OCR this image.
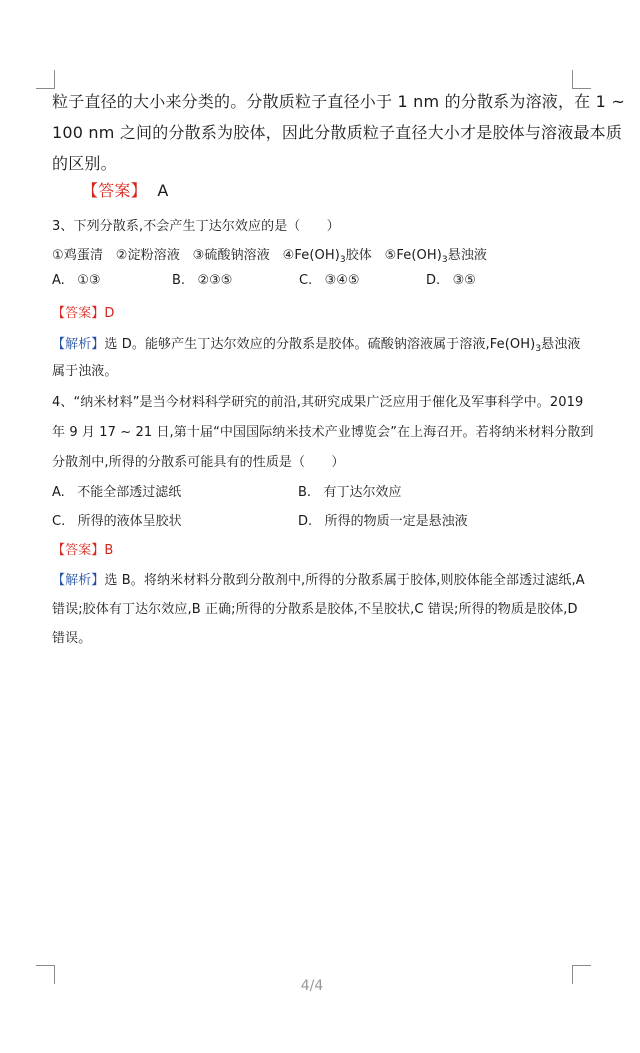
粒子直径的大小来分类的。分散质粒子直径小于 1 nm 的分散系为溶液，在 1 ~
100 nm 之间的分散系为胶体，因此分散质粒子直径大小才是胶体与溶液最本质
的区别。
【答案】 A
3、下列分散系,不会产生丁达尔效应的是（　　）
①鸡蛋清 ②淀粉溶液 ③硫酸钠溶液 $④Fe(OH)_3$胶体 $⑤Fe(OH)_3$悬浊液
A. ①③	B. ②③⑤	C. ③④⑤	D. ③⑤
【答案】D
【解析】选 D。能够产生丁达尔效应的分散系是胶体。硫酸钠溶液属于溶液$,Fe(OH)_3$悬浊液
属于浊液。
4、“纳米材料”是当今材料科学研究的前沿,其研究成果广泛应用于催化及军事科学中。2019
年 9 月 17 ~ 21 日,第十届“中国国际纳米技术产业博览会”在上海召开。若将纳米材料分散到
分散剂中,所得的分散系可能具有的性质是（　　）
A. 不能全部透过滤纸	B. 有丁达尔效应
C. 所得的液体呈胶状	D. 所得的物质一定是悬浊液
【答案】B
【解析】选 B。将纳米材料分散到分散剂中,所得的分散系属于胶体,则胶体能全部透过滤纸,A
错误;胶体有丁达尔效应,B 正确;所得的分散系是胶体,不呈胶状,C 错误;所得的物质是胶体,D
错误。
4/4
